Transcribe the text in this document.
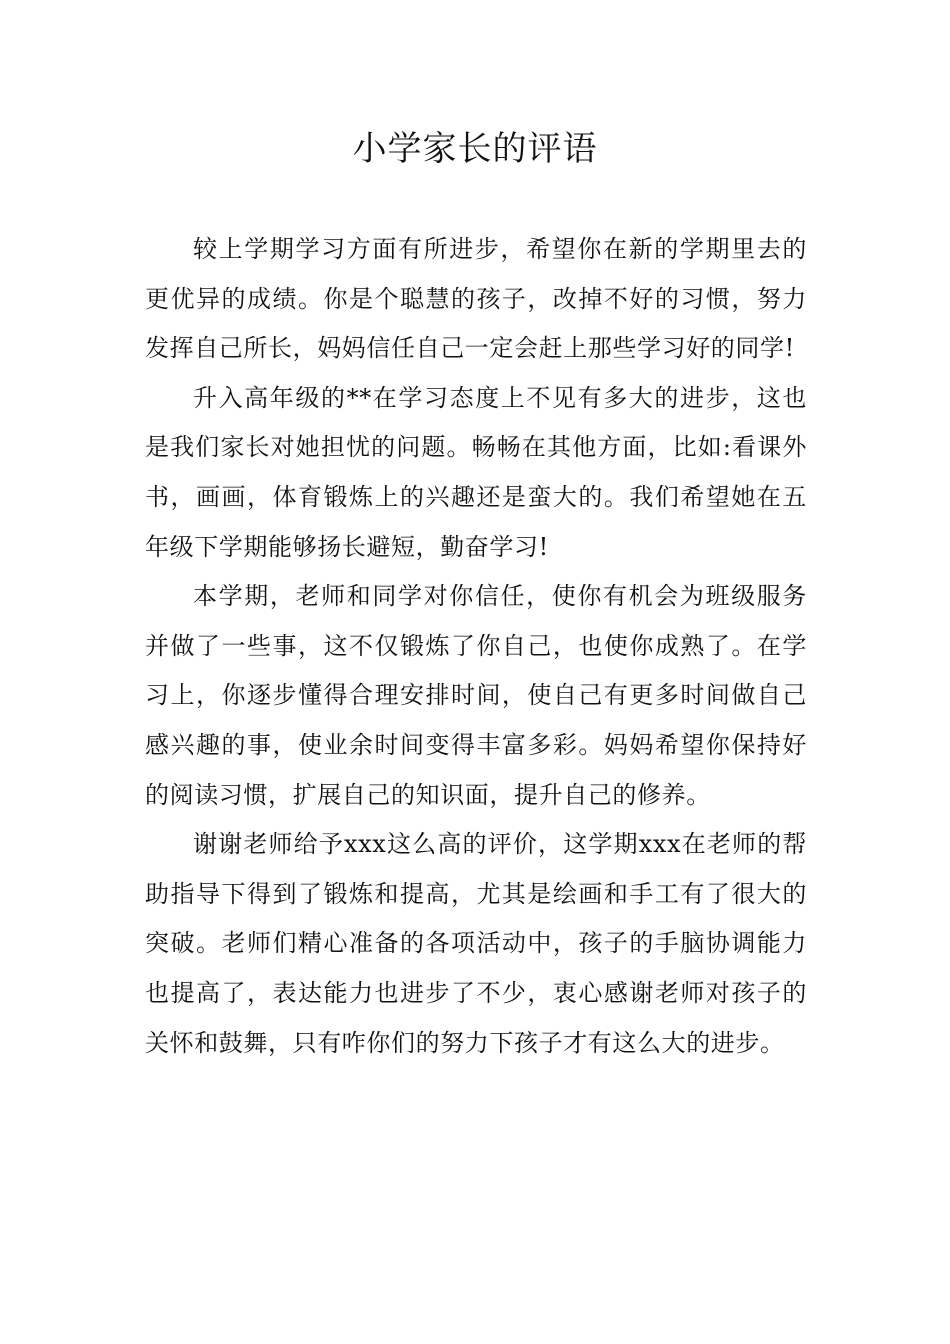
小学家长的评语

较上学期学习方面有所进步，希望你在新的学期里去的更优异的成绩。你是个聪慧的孩子，改掉不好的习惯，努力发挥自己所长，妈妈信任自己一定会赶上那些学习好的同学!

升入高年级的**在学习态度上不见有多大的进步，这也是我们家长对她担忧的问题。畅畅在其他方面，比如:看课外书，画画，体育锻炼上的兴趣还是蛮大的。我们希望她在五年级下学期能够扬长避短，勤奋学习!

本学期，老师和同学对你信任，使你有机会为班级服务并做了一些事，这不仅锻炼了你自己，也使你成熟了。在学习上，你逐步懂得合理安排时间，使自己有更多时间做自己感兴趣的事，使业余时间变得丰富多彩。妈妈希望你保持好的阅读习惯，扩展自己的知识面，提升自己的修养。

谢谢老师给予xxx这么高的评价，这学期xxx在老师的帮助指导下得到了锻炼和提高，尤其是绘画和手工有了很大的突破。老师们精心准备的各项活动中，孩子的手脑协调能力也提高了，表达能力也进步了不少，衷心感谢老师对孩子的关怀和鼓舞，只有咋你们的努力下孩子才有这么大的进步。
